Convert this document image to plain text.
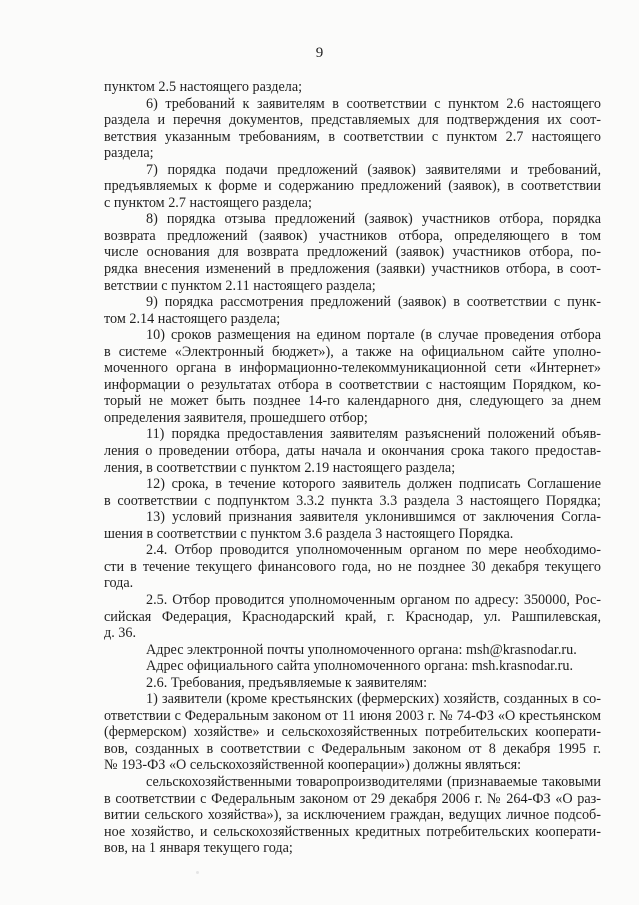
9
пунктом 2.5 настоящего раздела;
6) требований к заявителям в соответствии с пунктом 2.6 настоящего
раздела и перечня документов, представляемых для подтверждения их соот-
ветствия указанным требованиям, в соответствии с пунктом 2.7 настоящего
раздела;
7) порядка подачи предложений (заявок) заявителями и требований,
предъявляемых к форме и содержанию предложений (заявок), в соответствии
с пунктом 2.7 настоящего раздела;
8) порядка отзыва предложений (заявок) участников отбора, порядка
возврата предложений (заявок) участников отбора, определяющего в том
числе основания для возврата предложений (заявок) участников отбора, по-
рядка внесения изменений в предложения (заявки) участников отбора, в соот-
ветствии с пунктом 2.11 настоящего раздела;
9) порядка рассмотрения предложений (заявок) в соответствии с пунк-
том 2.14 настоящего раздела;
10) сроков размещения на едином портале (в случае проведения отбора
в системе «Электронный бюджет»), а также на официальном сайте уполно-
моченного органа в информационно-телекоммуникационной сети «Интернет»
информации о результатах отбора в соответствии с настоящим Порядком, ко-
торый не может быть позднее 14-го календарного дня, следующего за днем
определения заявителя, прошедшего отбор;
11) порядка предоставления заявителям разъяснений положений объяв-
ления о проведении отбора, даты начала и окончания срока такого предостав-
ления, в соответствии с пунктом 2.19 настоящего раздела;
12) срока, в течение которого заявитель должен подписать Соглашение
в соответствии с подпунктом 3.3.2 пункта 3.3 раздела 3 настоящего Порядка;
13) условий признания заявителя уклонившимся от заключения Согла-
шения в соответствии с пунктом 3.6 раздела 3 настоящего Порядка.
2.4. Отбор проводится уполномоченным органом по мере необходимо-
сти в течение текущего финансового года, но не позднее 30 декабря текущего
года.
2.5. Отбор проводится уполномоченным органом по адресу: 350000, Рос-
сийская Федерация, Краснодарский край, г. Краснодар, ул. Рашпилевская,
д. 36.
Адрес электронной почты уполномоченного органа: msh@krasnodar.ru.
Адрес официального сайта уполномоченного органа: msh.krasnodar.ru.
2.6. Требования, предъявляемые к заявителям:
1) заявители (кроме крестьянских (фермерских) хозяйств, созданных в со-
ответствии с Федеральным законом от 11 июня 2003 г. № 74-ФЗ «О крестьянском
(фермерском) хозяйстве» и сельскохозяйственных потребительских кооперати-
вов, созданных в соответствии с Федеральным законом от 8 декабря 1995 г.
№ 193-ФЗ «О сельскохозяйственной кооперации») должны являться:
сельскохозяйственными товаропроизводителями (признаваемые таковыми
в соответствии с Федеральным законом от 29 декабря 2006 г. № 264-ФЗ «О раз-
витии сельского хозяйства»), за исключением граждан, ведущих личное подсоб-
ное хозяйство, и сельскохозяйственных кредитных потребительских кооперати-
вов, на 1 января текущего года;
